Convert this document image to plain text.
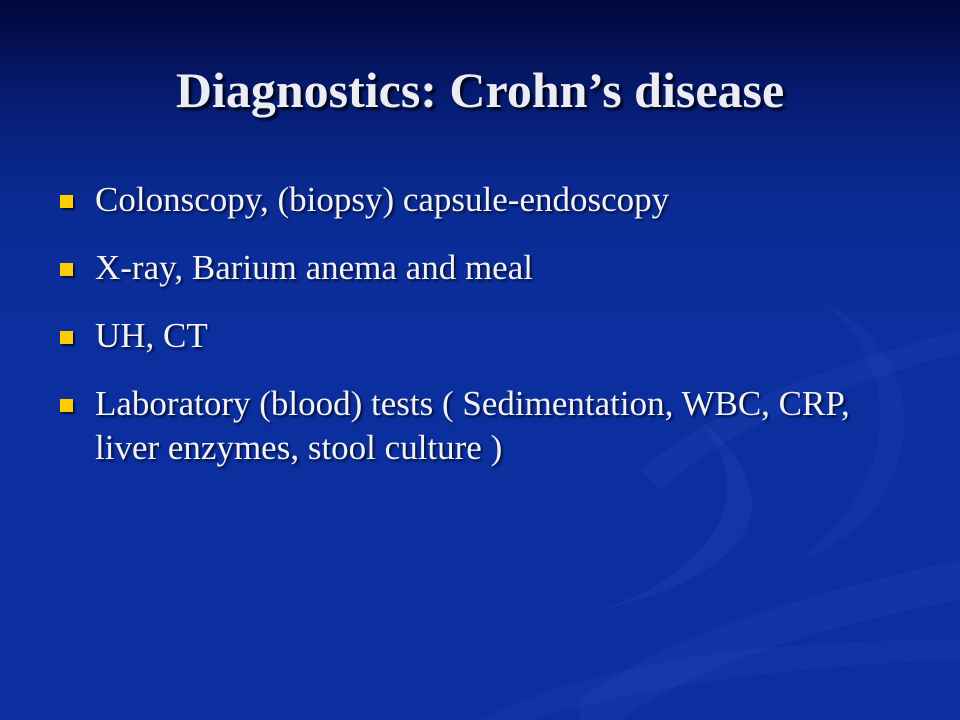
Diagnostics: Crohn’s disease
Colonscopy, (biopsy) capsule-endoscopy
X-ray, Barium anema and meal
UH, CT
Laboratory (blood) tests ( Sedimentation, WBC, CRP, liver enzymes, stool culture )
